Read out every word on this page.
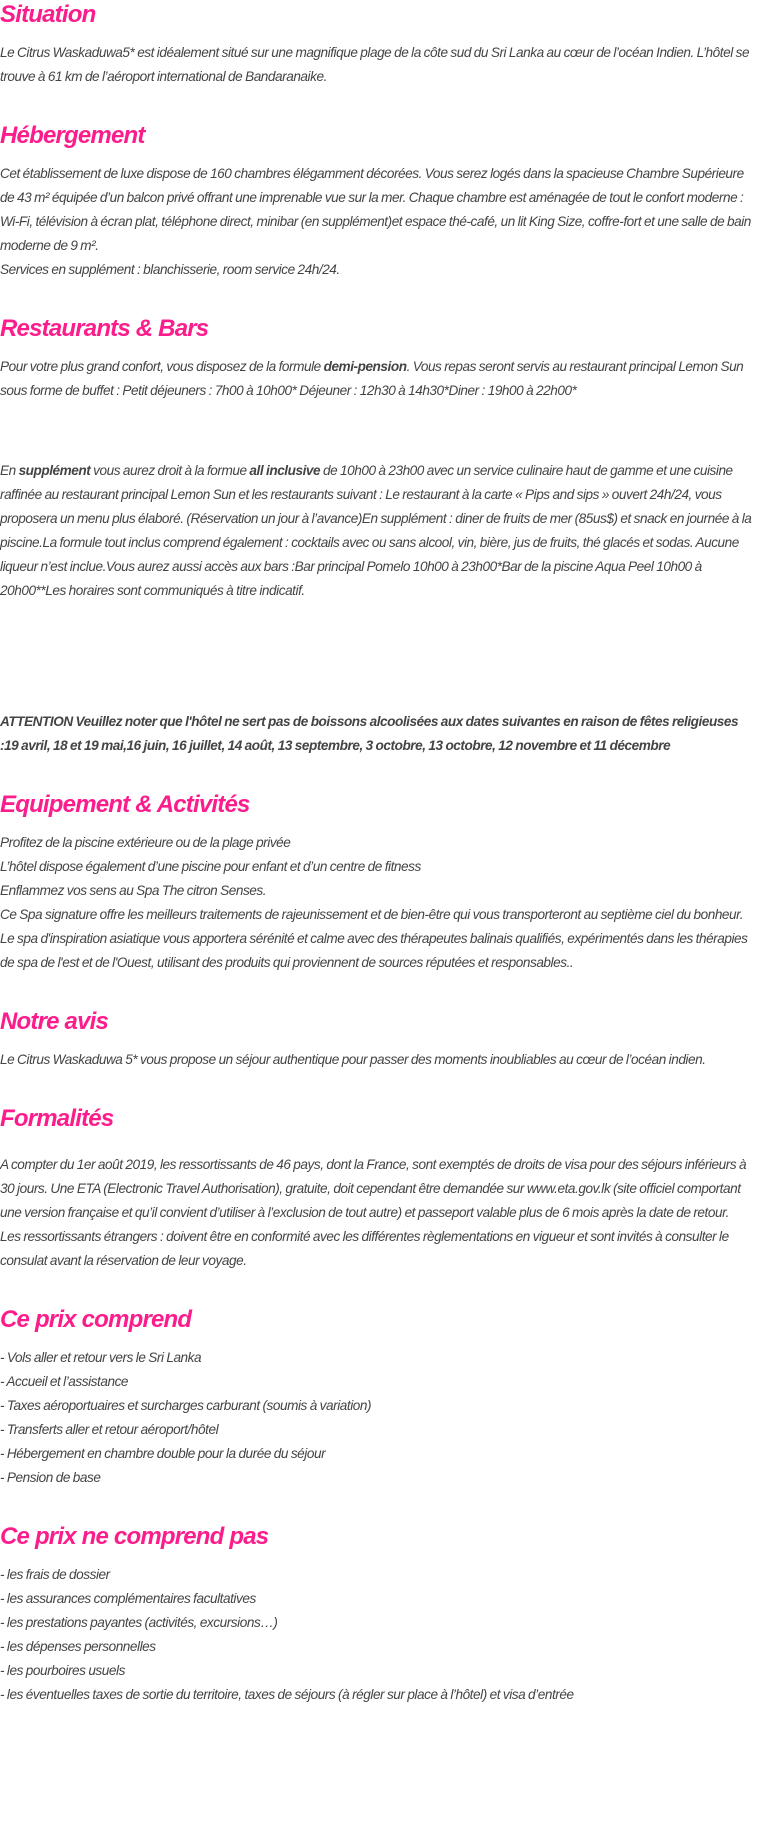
Situation

Le Citrus Waskaduwa5* est idéalement situé sur une magnifique plage de la côte sud du Sri Lanka au cœur de l’océan Indien. L’hôtel se trouve à 61 km de l’aéroport international de Bandaranaike.

Hébergement

Cet établissement de luxe dispose de 160 chambres élégamment décorées. Vous serez logés dans la spacieuse Chambre Supérieure de 43 m² équipée d’un balcon privé offrant une imprenable vue sur la mer. Chaque chambre est aménagée de tout le confort moderne : Wi-Fi, télévision à écran plat, téléphone direct, minibar (en supplément)et espace thé-café, un lit King Size, coffre-fort et une salle de bain moderne de 9 m².
Services en supplément : blanchisserie, room service 24h/24.

Restaurants & Bars

Pour votre plus grand confort, vous disposez de la formule demi-pension. Vous repas seront servis au restaurant principal Lemon Sun sous forme de buffet : Petit déjeuners : 7h00 à 10h00* Déjeuner : 12h30 à 14h30*Diner : 19h00 à 22h00*

En supplément vous aurez droit à la formue all inclusive de 10h00 à 23h00 avec un service culinaire haut de gamme et une cuisine raffinée au restaurant principal Lemon Sun et les restaurants suivant : Le restaurant à la carte « Pips and sips » ouvert 24h/24, vous proposera un menu plus élaboré. (Réservation un jour à l’avance)En supplément : diner de fruits de mer (85us$) et snack en journée à la piscine.La formule tout inclus comprend également : cocktails avec ou sans alcool, vin, bière, jus de fruits, thé glacés et sodas. Aucune liqueur n’est inclue.Vous aurez aussi accès aux bars :Bar principal Pomelo 10h00 à 23h00*Bar de la piscine Aqua Peel 10h00 à 20h00**Les horaires sont communiqués à titre indicatif.

ATTENTION Veuillez noter que l'hôtel ne sert pas de boissons alcoolisées aux dates suivantes en raison de fêtes religieuses :19 avril, 18 et 19 mai,16 juin, 16 juillet, 14 août, 13 septembre, 3 octobre, 13 octobre, 12 novembre et 11 décembre

Equipement & Activités

Profitez de la piscine extérieure ou de la plage privée
L’hôtel dispose également d’une piscine pour enfant et d’un centre de fitness
Enflammez vos sens au Spa The citron Senses.
Ce Spa signature offre les meilleurs traitements de rajeunissement et de bien-être qui vous transporteront au septième ciel du bonheur.
Le spa d'inspiration asiatique vous apportera sérénité et calme avec des thérapeutes balinais qualifiés, expérimentés dans les thérapies de spa de l'est et de l'Ouest, utilisant des produits qui proviennent de sources réputées et responsables..

Notre avis

Le Citrus Waskaduwa 5* vous propose un séjour authentique pour passer des moments inoubliables au cœur de l’océan indien.

Formalités

A compter du 1er août 2019, les ressortissants de 46 pays, dont la France, sont exemptés de droits de visa pour des séjours inférieurs à 30 jours. Une ETA (Electronic Travel Authorisation), gratuite, doit cependant être demandée sur www.eta.gov.lk (site officiel comportant une version française et qu’il convient d’utiliser à l’exclusion de tout autre) et passeport valable plus de 6 mois après la date de retour.
Les ressortissants étrangers : doivent être en conformité avec les différentes règlementations en vigueur et sont invités à consulter le consulat avant la réservation de leur voyage.

Ce prix comprend

- Vols aller et retour vers le Sri Lanka
- Accueil et l’assistance
- Taxes aéroportuaires et surcharges carburant (soumis à variation)
- Transferts aller et retour aéroport/hôtel
- Hébergement en chambre double pour la durée du séjour
- Pension de base

Ce prix ne comprend pas

- les frais de dossier
- les assurances complémentaires facultatives
- les prestations payantes (activités, excursions…)
- les dépenses personnelles
- les pourboires usuels
- les éventuelles taxes de sortie du territoire, taxes de séjours (à régler sur place à l’hôtel) et visa d’entrée
